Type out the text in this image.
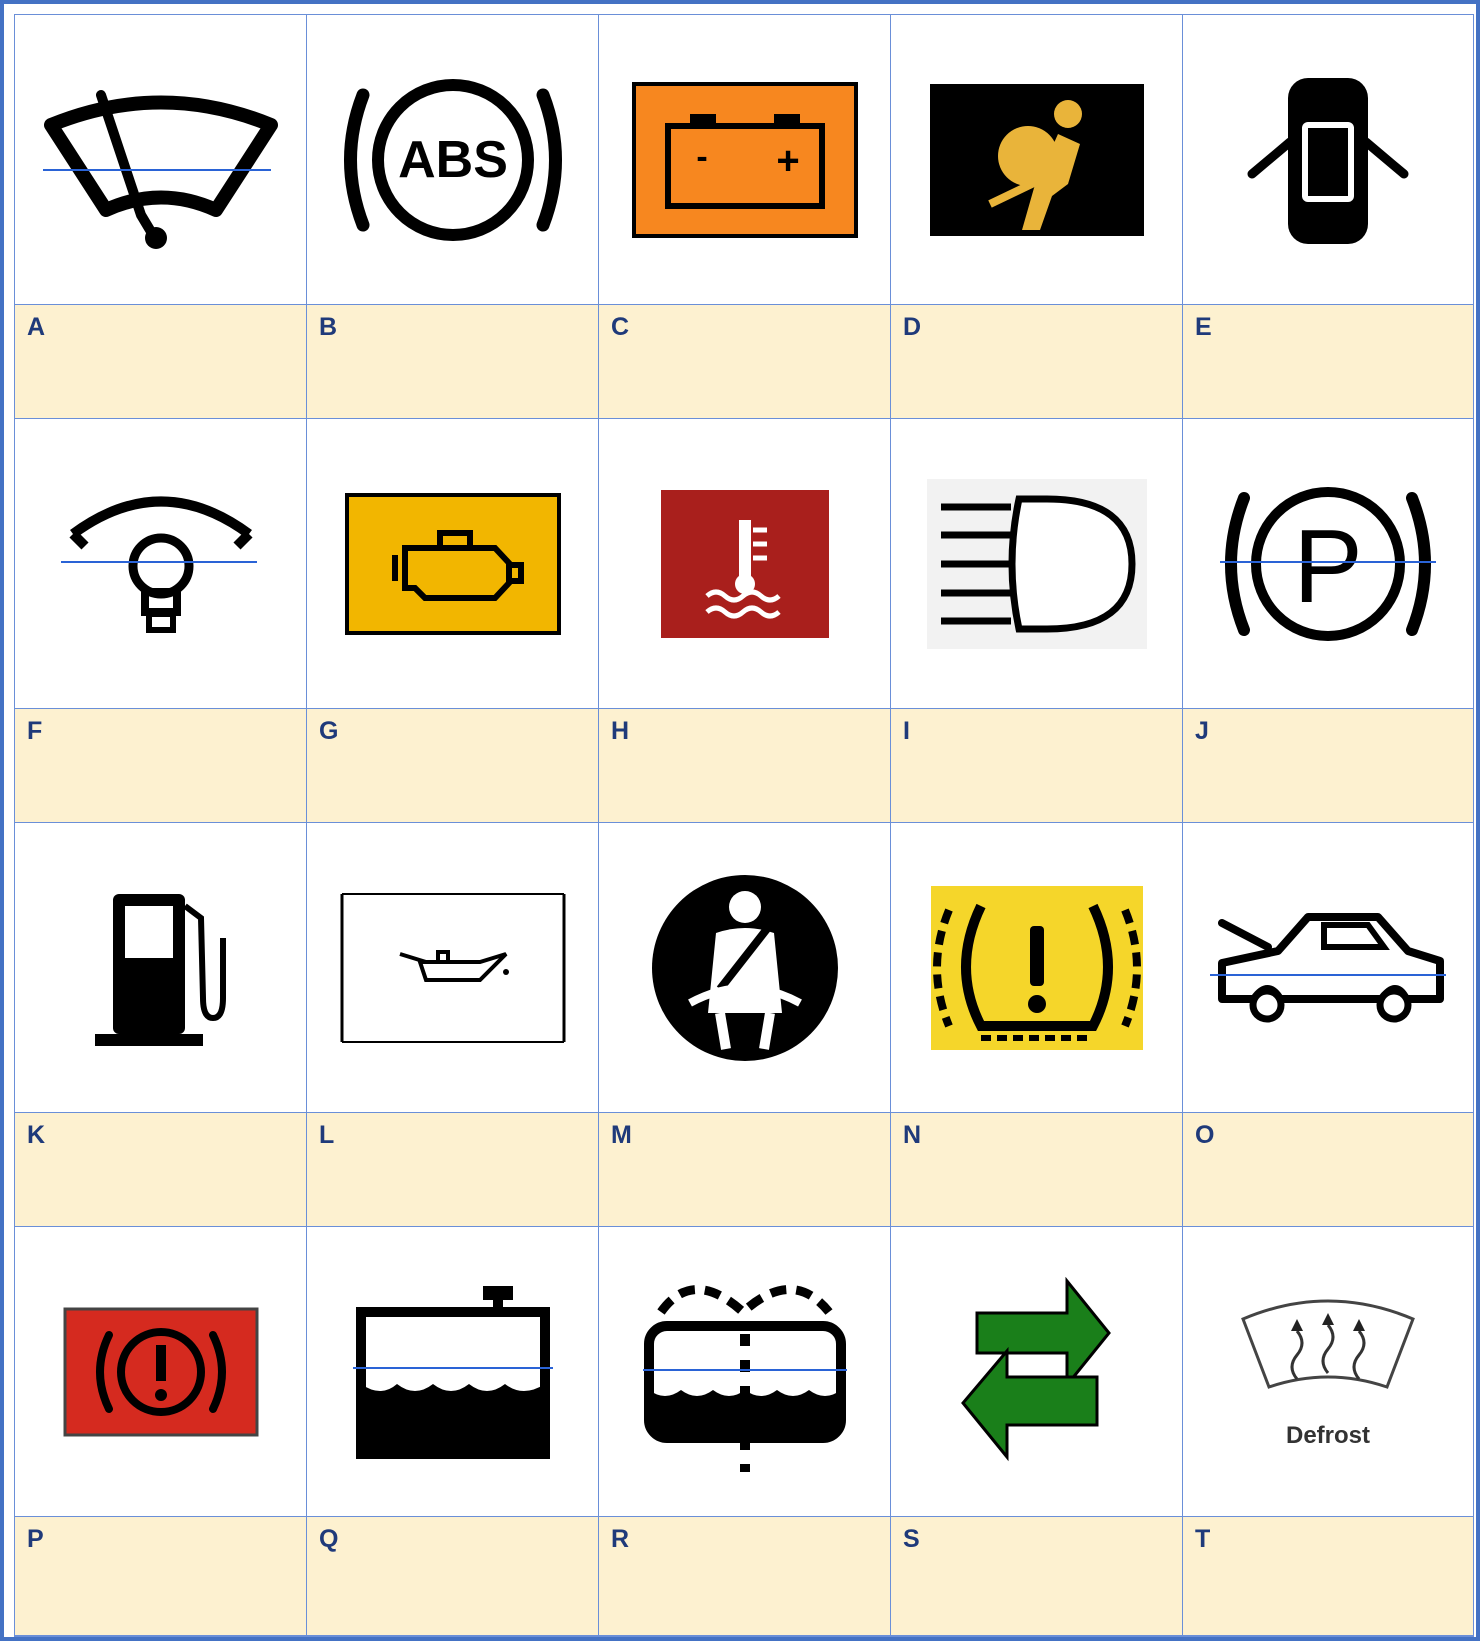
ABS	- +
A	B	C	D	E
P
F	G	H	I	J
K	L	M	N	O
Defrost
P	Q	R	S	T
